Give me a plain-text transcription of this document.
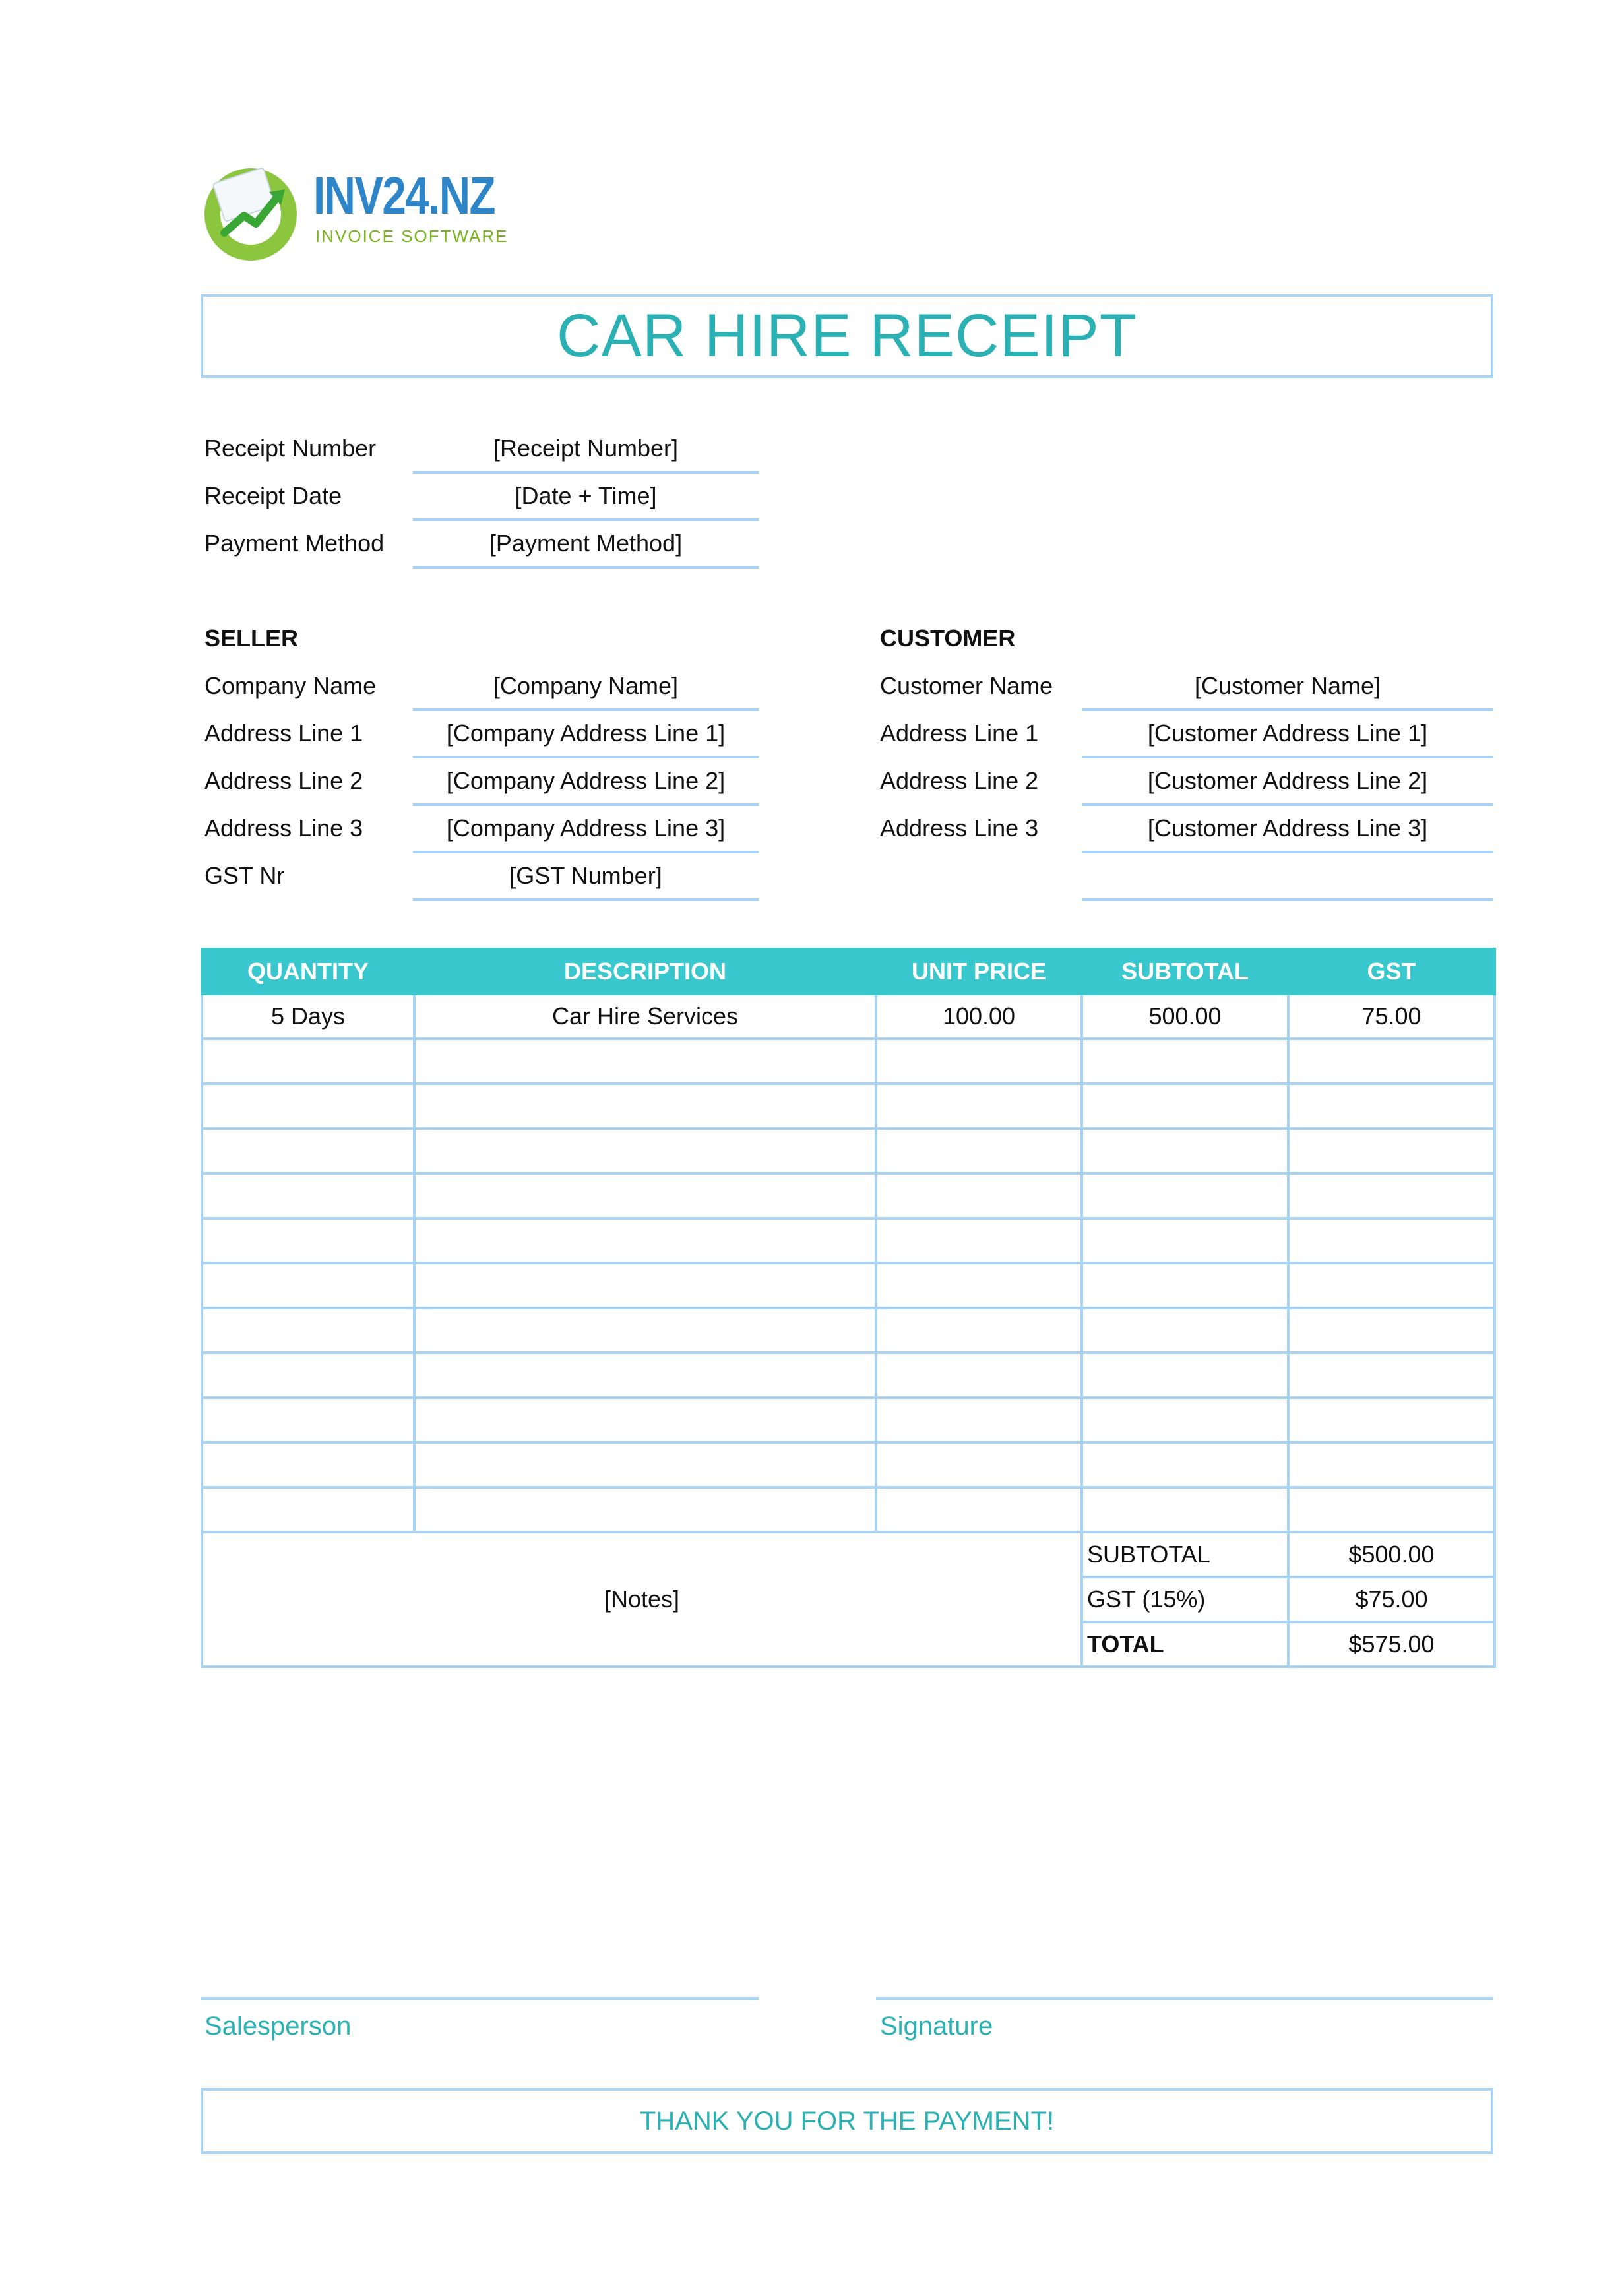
INV24.NZ
INVOICE SOFTWARE
CAR HIRE RECEIPT
Receipt Number	[Receipt Number]
Receipt Date	[Date + Time]
Payment Method	[Payment Method]
SELLER
Company Name	[Company Name]
Address Line 1	[Company Address Line 1]
Address Line 2	[Company Address Line 2]
Address Line 3	[Company Address Line 3]
GST Nr	[GST Number]
CUSTOMER
Customer Name	[Customer Name]
Address Line 1	[Customer Address Line 1]
Address Line 2	[Customer Address Line 2]
Address Line 3	[Customer Address Line 3]
QUANTITY	DESCRIPTION	UNIT PRICE	SUBTOTAL	GST
5 Days	Car Hire Services	100.00	500.00	75.00

[Notes]			SUBTOTAL	$500.00
			GST (15%)	$75.00
			TOTAL	$575.00
Salesperson	Signature
THANK YOU FOR THE PAYMENT!
